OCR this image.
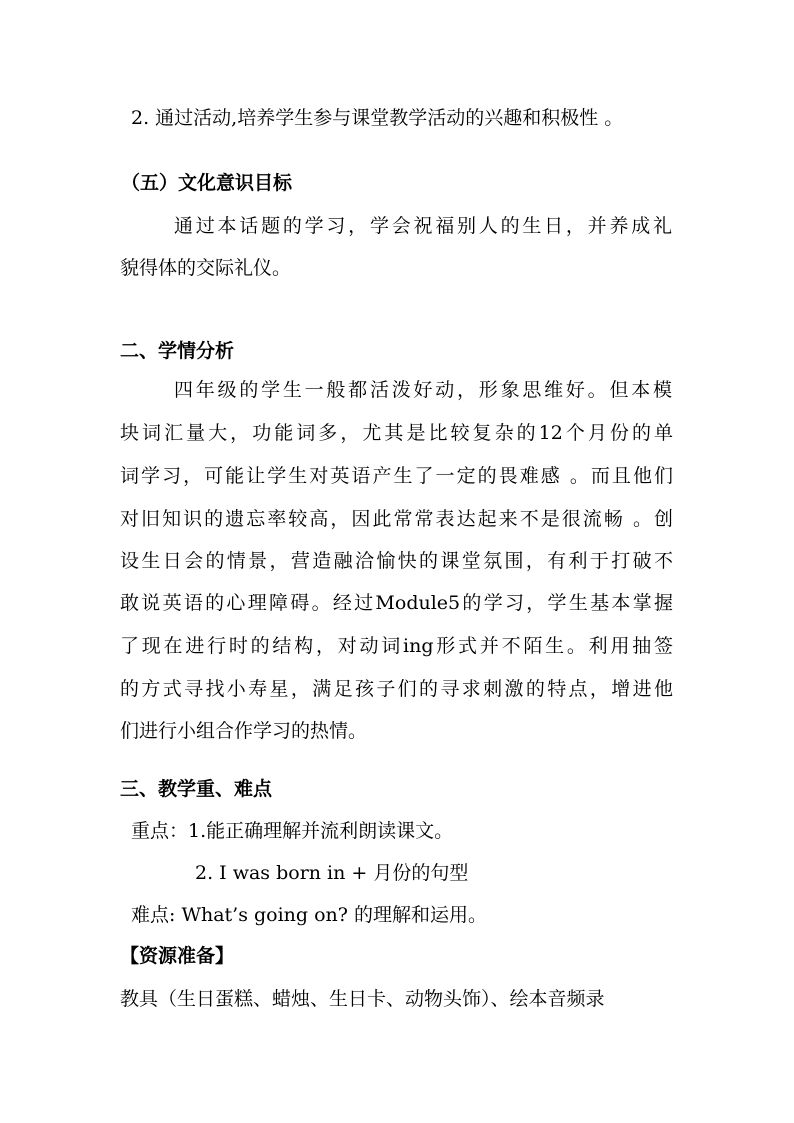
2. 通过活动,培养学生参与课堂教学活动的兴趣和积极性 。
（五）文化意识目标
通过本话题的学习，学会祝福别人的生日，并养成礼
貌得体的交际礼仪。
二、学情分析
四年级的学生一般都活泼好动，形象思维好。但本模
块词汇量大，功能词多，尤其是比较复杂的12个月份的单
词学习，可能让学生对英语产生了一定的畏难感 。而且他们
对旧知识的遗忘率较高，因此常常表达起来不是很流畅 。创
设生日会的情景，营造融洽愉快的课堂氛围，有利于打破不
敢说英语的心理障碍。经过Module5的学习，学生基本掌握
了现在进行时的结构，对动词ing形式并不陌生。利用抽签
的方式寻找小寿星，满足孩子们的寻求刺激的特点，增进他
们进行小组合作学习的热情。
三、教学重、难点
重点：1.能正确理解并流利朗读课文。
2. I was born in + 月份的句型
难点: What’s going on? 的理解和运用。
【资源准备】
教具（生日蛋糕、蜡烛、生日卡、动物头饰）、绘本音频录
